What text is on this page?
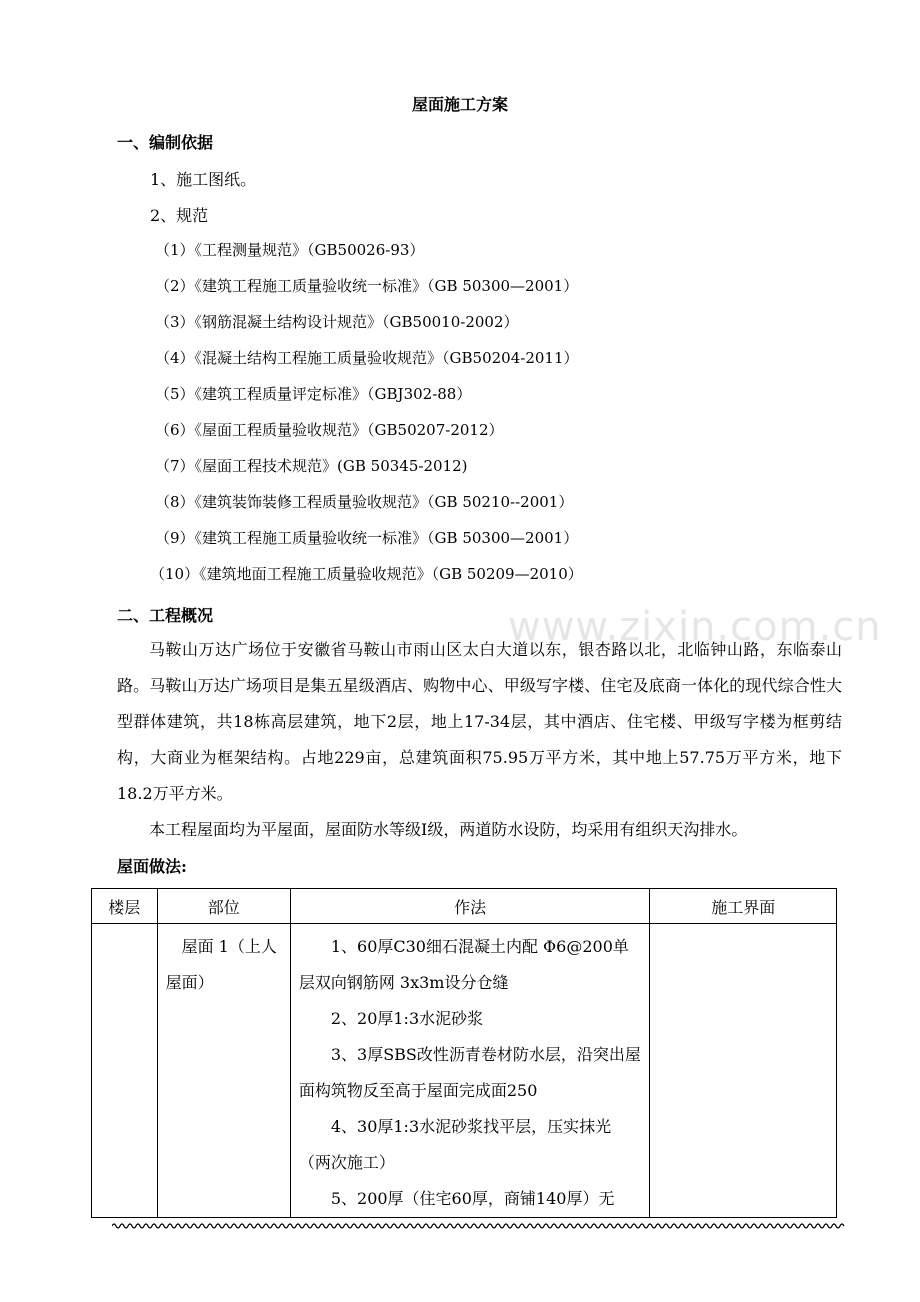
屋面施工方案
一、编制依据
1、施工图纸。
2、规范
（1）《工程测量规范》（GB50026-93）
（2）《建筑工程施工质量验收统一标准》（GB 50300—2001）
（3）《钢筋混凝土结构设计规范》（GB50010-2002）
（4）《混凝土结构工程施工质量验收规范》（GB50204-2011）
（5）《建筑工程质量评定标准》（GBJ302-88）
（6）《屋面工程质量验收规范》（GB50207-2012）
（7）《屋面工程技术规范》(GB 50345-2012)
（8）《建筑装饰装修工程质量验收规范》（GB 50210--2001）
（9）《建筑工程施工质量验收统一标准》（GB 50300—2001）
（10）《建筑地面工程施工质量验收规范》（GB 50209—2010）
二、工程概况	www.zixin.com.cn
马鞍山万达广场位于安徽省马鞍山市雨山区太白大道以东，银杏路以北，北临钟山路，东临泰山路。马鞍山万达广场项目是集五星级酒店、购物中心、甲级写字楼、住宅及底商一体化的现代综合性大型群体建筑，共18栋高层建筑，地下2层，地上17-34层，其中酒店、住宅楼、甲级写字楼为框剪结构，大商业为框架结构。占地229亩，总建筑面积75.95万平方米，其中地上57.75万平方米，地下18.2万平方米。
本工程屋面均为平屋面，屋面防水等级Ⅰ级，两道防水设防，均采用有组织天沟排水。
屋面做法:
楼层	部位	作法	施工界面

	屋面 1（上人屋面）	1、60厚C30细石混凝土内配 Φ6@200单层双向钢筋网 3x3m设分仓缝
2、20厚1:3水泥砂浆
3、3厚SBS改性沥青卷材防水层，沿突出屋面构筑物反至高于屋面完成面250
4、30厚1:3水泥砂浆找平层，压实抹光（两次施工）
5、200厚（住宅60厚，商铺140厚）无	
